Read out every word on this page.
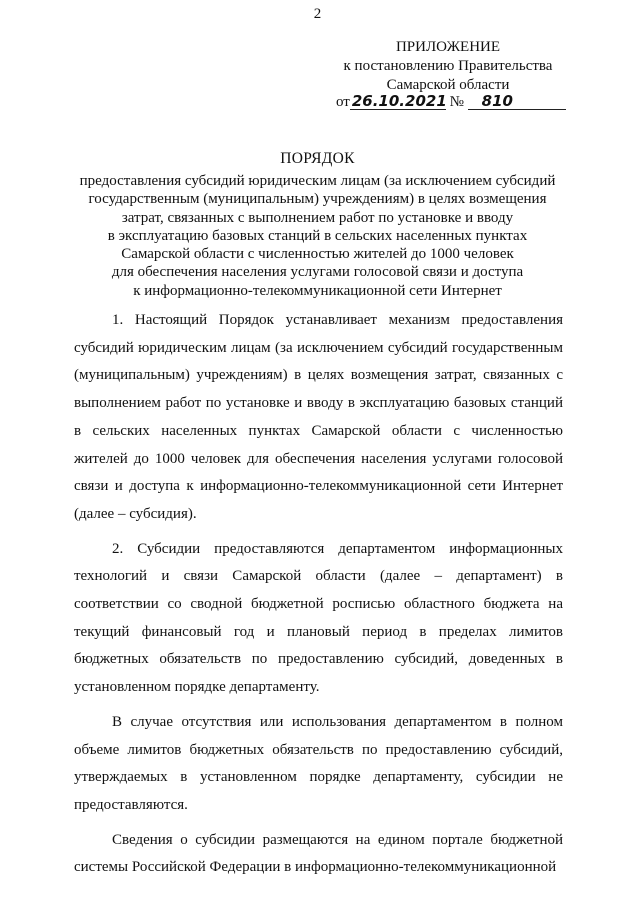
2
ПРИЛОЖЕНИЕ
к постановлению Правительства
Самарской области
от 26.10.2021 № 810
ПОРЯДОК
предоставления субсидий юридическим лицам (за исключением субсидий
государственным (муниципальным) учреждениям) в целях возмещения
затрат, связанных с выполнением работ по установке и вводу
в эксплуатацию базовых станций в сельских населенных пунктах
Самарской области с численностью жителей до 1000 человек
для обеспечения населения услугами голосовой связи и доступа
к информационно-телекоммуникационной сети Интернет

1. Настоящий Порядок устанавливает механизм предоставления субсидий юридическим лицам (за исключением субсидий государственным (муниципальным) учреждениям) в целях возмещения затрат, связанных с выполнением работ по установке и вводу в эксплуатацию базовых станций в сельских населенных пунктах Самарской области с численностью жителей до 1000 человек для обеспечения населения услугами голосовой связи и доступа к информационно-телекоммуникационной сети Интернет (далее – субсидия).

2. Субсидии предоставляются департаментом информационных технологий и связи Самарской области (далее – департамент) в соответствии со сводной бюджетной росписью областного бюджета на текущий финансовый год и плановый период в пределах лимитов бюджетных обязательств по предоставлению субсидий, доведенных в установленном порядке департаменту.

В случае отсутствия или использования департаментом в полном объеме лимитов бюджетных обязательств по предоставлению субсидий, утверждаемых в установленном порядке департаменту, субсидии не предоставляются.

Сведения о субсидии размещаются на едином портале бюджетной системы Российской Федерации в информационно-телекоммуникационной
